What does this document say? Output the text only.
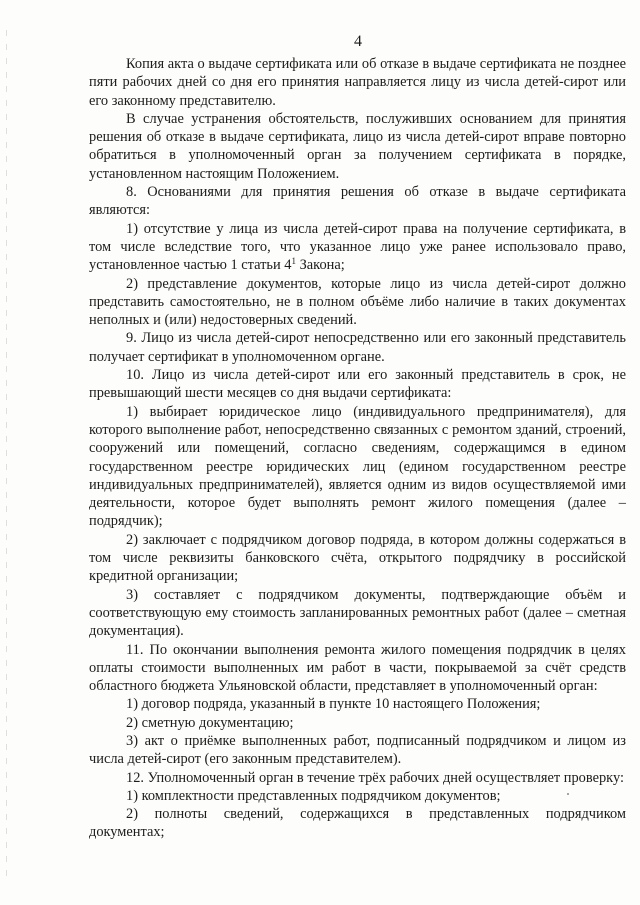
4

Копия акта о выдаче сертификата или об отказе в выдаче сертификата не позднее пяти рабочих дней со дня его принятия направляется лицу из числа детей-сирот или его законному представителю.

В случае устранения обстоятельств, послуживших основанием для принятия решения об отказе в выдаче сертификата, лицо из числа детей-сирот вправе повторно обратиться в уполномоченный орган за получением сертификата в порядке, установленном настоящим Положением.

8. Основаниями для принятия решения об отказе в выдаче сертификата являются:

1) отсутствие у лица из числа детей-сирот права на получение сертификата, в том числе вследствие того, что указанное лицо уже ранее использовало право, установленное частью 1 статьи $4^1$ Закона;

2) представление документов, которые лицо из числа детей-сирот должно представить самостоятельно, не в полном объёме либо наличие в таких документах неполных и (или) недостоверных сведений.

9. Лицо из числа детей-сирот непосредственно или его законный представитель получает сертификат в уполномоченном органе.

10. Лицо из числа детей-сирот или его законный представитель в срок, не превышающий шести месяцев со дня выдачи сертификата:

1) выбирает юридическое лицо (индивидуального предпринимателя), для которого выполнение работ, непосредственно связанных с ремонтом зданий, строений, сооружений или помещений, согласно сведениям, содержащимся в едином государственном реестре юридических лиц (едином государственном реестре индивидуальных предпринимателей), является одним из видов осуществляемой ими деятельности, которое будет выполнять ремонт жилого помещения (далее – подрядчик);

2) заключает с подрядчиком договор подряда, в котором должны содержаться в том числе реквизиты банковского счёта, открытого подрядчику в российской кредитной организации;

3) составляет с подрядчиком документы, подтверждающие объём и соответствующую ему стоимость запланированных ремонтных работ (далее – сметная документация).

11. По окончании выполнения ремонта жилого помещения подрядчик в целях оплаты стоимости выполненных им работ в части, покрываемой за счёт средств областного бюджета Ульяновской области, представляет в уполномоченный орган:

1) договор подряда, указанный в пункте 10 настоящего Положения;

2) сметную документацию;

3) акт о приёмке выполненных работ, подписанный подрядчиком и лицом из числа детей-сирот (его законным представителем).

12. Уполномоченный орган в течение трёх рабочих дней осуществляет проверку:

1) комплектности представленных подрядчиком документов;

2) полноты сведений, содержащихся в представленных подрядчиком документах;
